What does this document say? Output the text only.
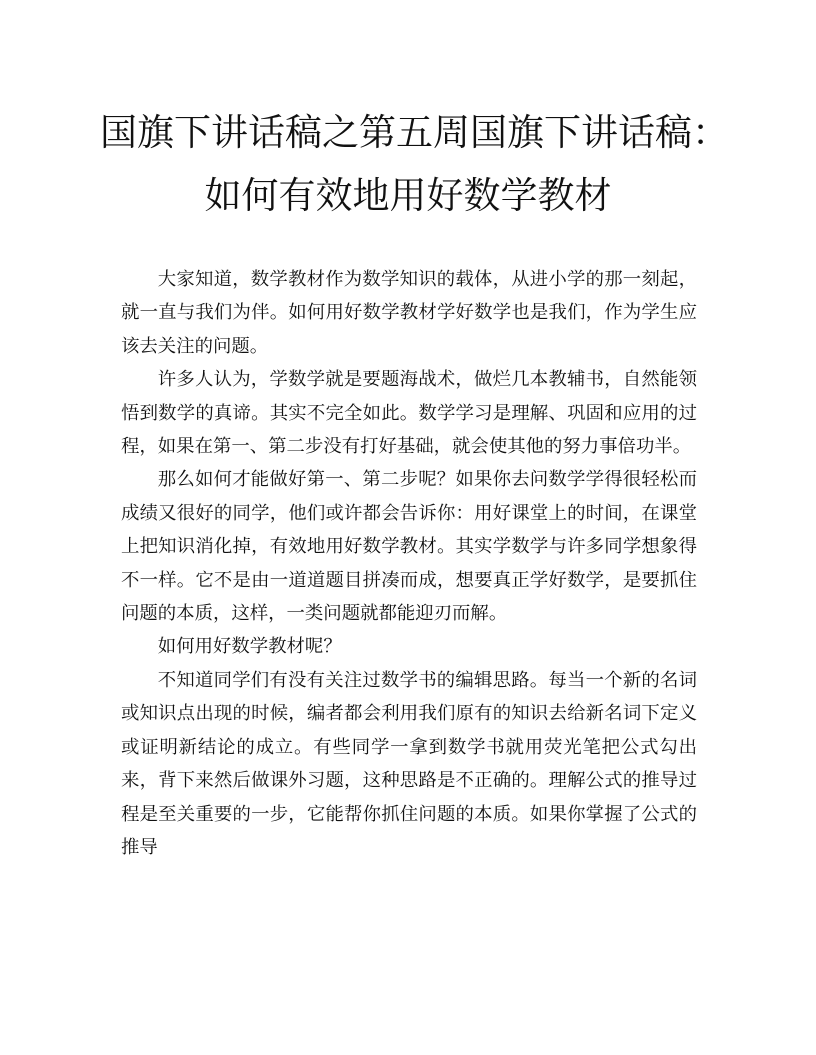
国旗下讲话稿之第五周国旗下讲话稿：
如何有效地用好数学教材

大家知道，数学教材作为数学知识的载体，从进小学的那一刻起，就一直与我们为伴。如何用好数学教材学好数学也是我们，作为学生应该去关注的问题。

许多人认为，学数学就是要题海战术，做烂几本教辅书，自然能领悟到数学的真谛。其实不完全如此。数学学习是理解、巩固和应用的过程，如果在第一、第二步没有打好基础，就会使其他的努力事倍功半。

那么如何才能做好第一、第二步呢？如果你去问数学学得很轻松而成绩又很好的同学，他们或许都会告诉你：用好课堂上的时间，在课堂上把知识消化掉，有效地用好数学教材。其实学数学与许多同学想象得不一样。它不是由一道道题目拼凑而成，想要真正学好数学，是要抓住问题的本质，这样，一类问题就都能迎刃而解。

如何用好数学教材呢？

不知道同学们有没有关注过数学书的编辑思路。每当一个新的名词或知识点出现的时候，编者都会利用我们原有的知识去给新名词下定义或证明新结论的成立。有些同学一拿到数学书就用荧光笔把公式勾出来，背下来然后做课外习题，这种思路是不正确的。理解公式的推导过程是至关重要的一步，它能帮你抓住问题的本质。如果你掌握了公式的推导
